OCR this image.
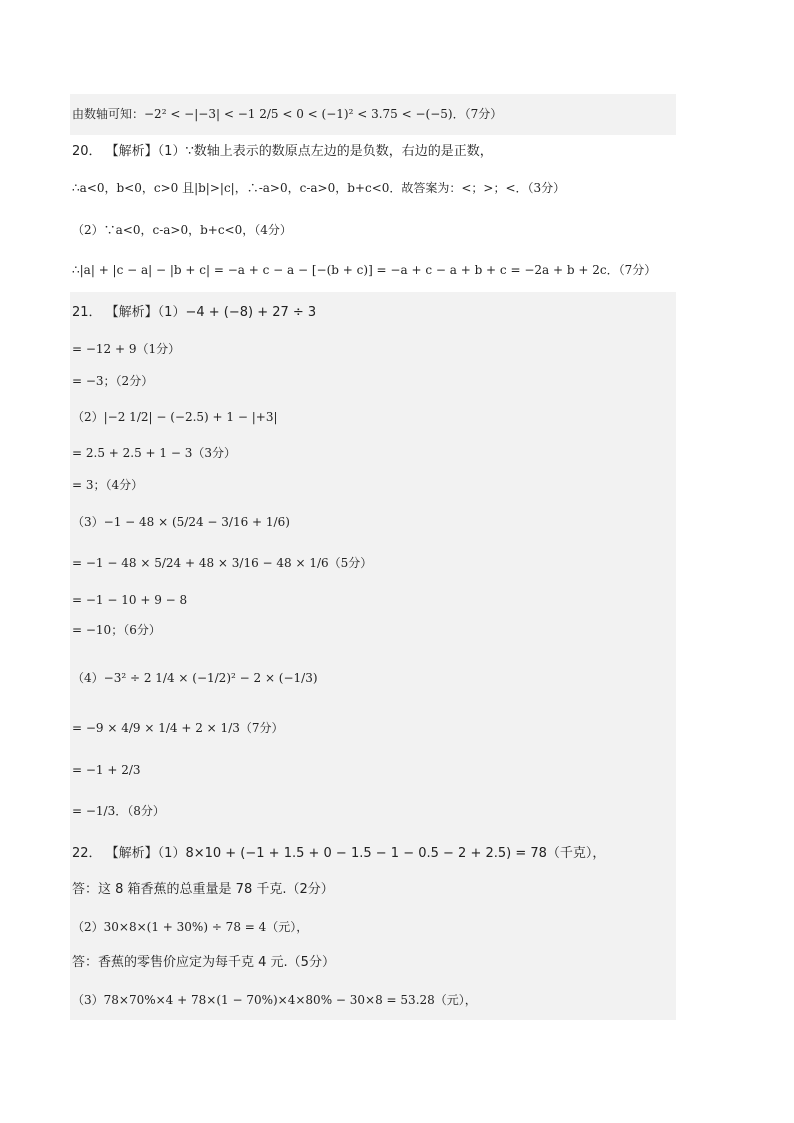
由数轴可知：−2² < −|−3| < −1 2/5 < 0 < (−1)² < 3.75 < −(−5)．（7分）
20． 【解析】（1）∵数轴上表示的数原点左边的是负数，右边的是正数，
∴a<0，b<0，c>0 且|b|>|c|，∴-a>0，c-a>0，b+c<0．故答案为：<；>；<．（3分）
（2）∵a<0，c-a>0，b+c<0，（4分）
∴|a| + |c − a| − |b + c| = −a + c − a − [−(b + c)] = −a + c − a + b + c = −2a + b + 2c．（7分）
21． 【解析】（1）−4 + (−8) + 27 ÷ 3
= −12 + 9（1分）
= −3；（2分）
（2）|−2 1/2| − (−2.5) + 1 − |+3|
= 2.5 + 2.5 + 1 − 3（3分）
= 3；（4分）
（3）−1 − 48 × (5/24 − 3/16 + 1/6)
= −1 − 48 × 5/24 + 48 × 3/16 − 48 × 1/6（5分）
= −1 − 10 + 9 − 8
= −10；（6分）
（4）−3² ÷ 2 1/4 × (−1/2)² − 2 × (−1/3)
= −9 × 4/9 × 1/4 + 2 × 1/3（7分）
= −1 + 2/3
= −1/3．（8分）
22． 【解析】（1）8×10 + (−1 + 1.5 + 0 − 1.5 − 1 − 0.5 − 2 + 2.5) = 78（千克），
答：这 8 箱香蕉的总重量是 78 千克.（2分）
（2）30×8×(1 + 30%) ÷ 78 = 4（元），
答：香蕉的零售价应定为每千克 4 元.（5分）
（3）78×70%×4 + 78×(1 − 70%)×4×80% − 30×8 = 53.28（元），
